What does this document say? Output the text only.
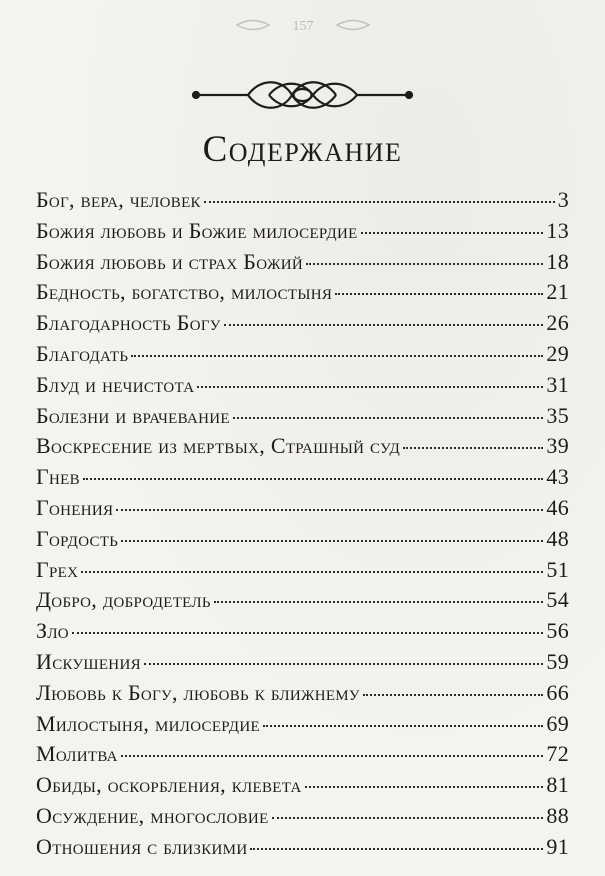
157
Содержание
Бог, вера, человек	3
Божия любовь и Божие милосердие	13
Божия любовь и страх Божий	18
Бедность, богатство, милостыня	21
Благодарность Богу	26
Благодать	29
Блуд и нечистота	31
Болезни и врачевание	35
Воскресение из мертвых, Страшный суд	39
Гнев	43
Гонения	46
Гордость	48
Грех	51
Добро, добродетель	54
Зло	56
Искушения	59
Любовь к Богу, любовь к ближнему	66
Милостыня, милосердие	69
Молитва	72
Обиды, оскорбления, клевета	81
Осуждение, многословие	88
Отношения с близкими	91
